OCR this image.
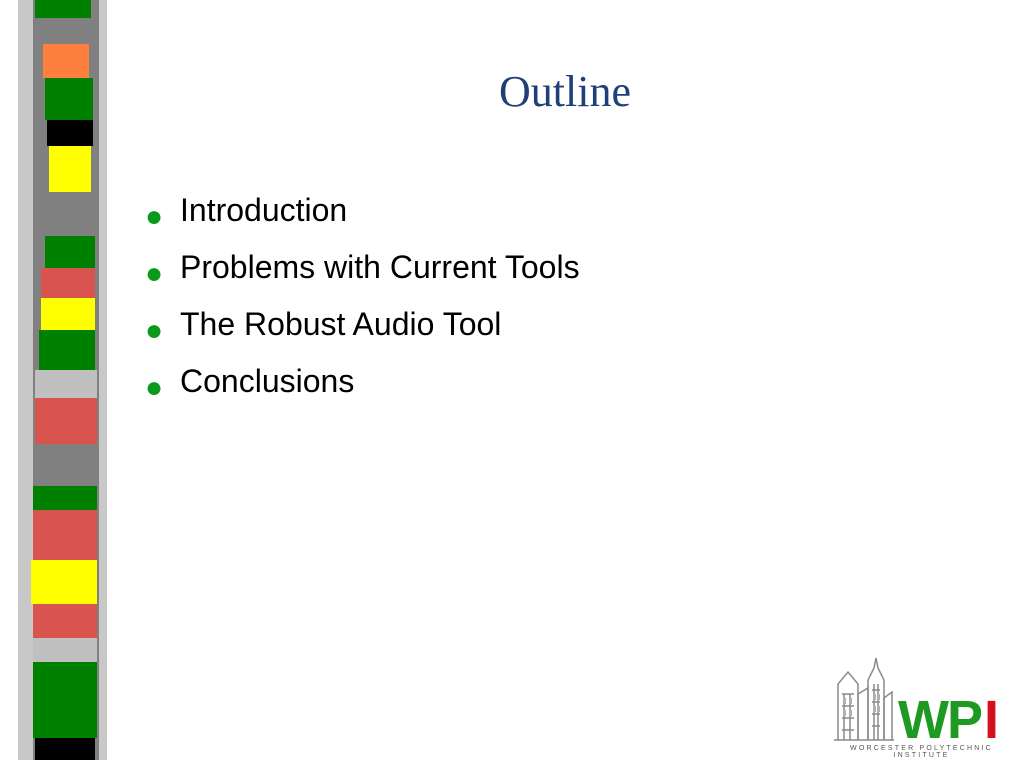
Outline
● Introduction
● Problems with Current Tools
● The Robust Audio Tool
● Conclusions
W
P I
WORCESTER POLYTECHNIC INSTITUTE
